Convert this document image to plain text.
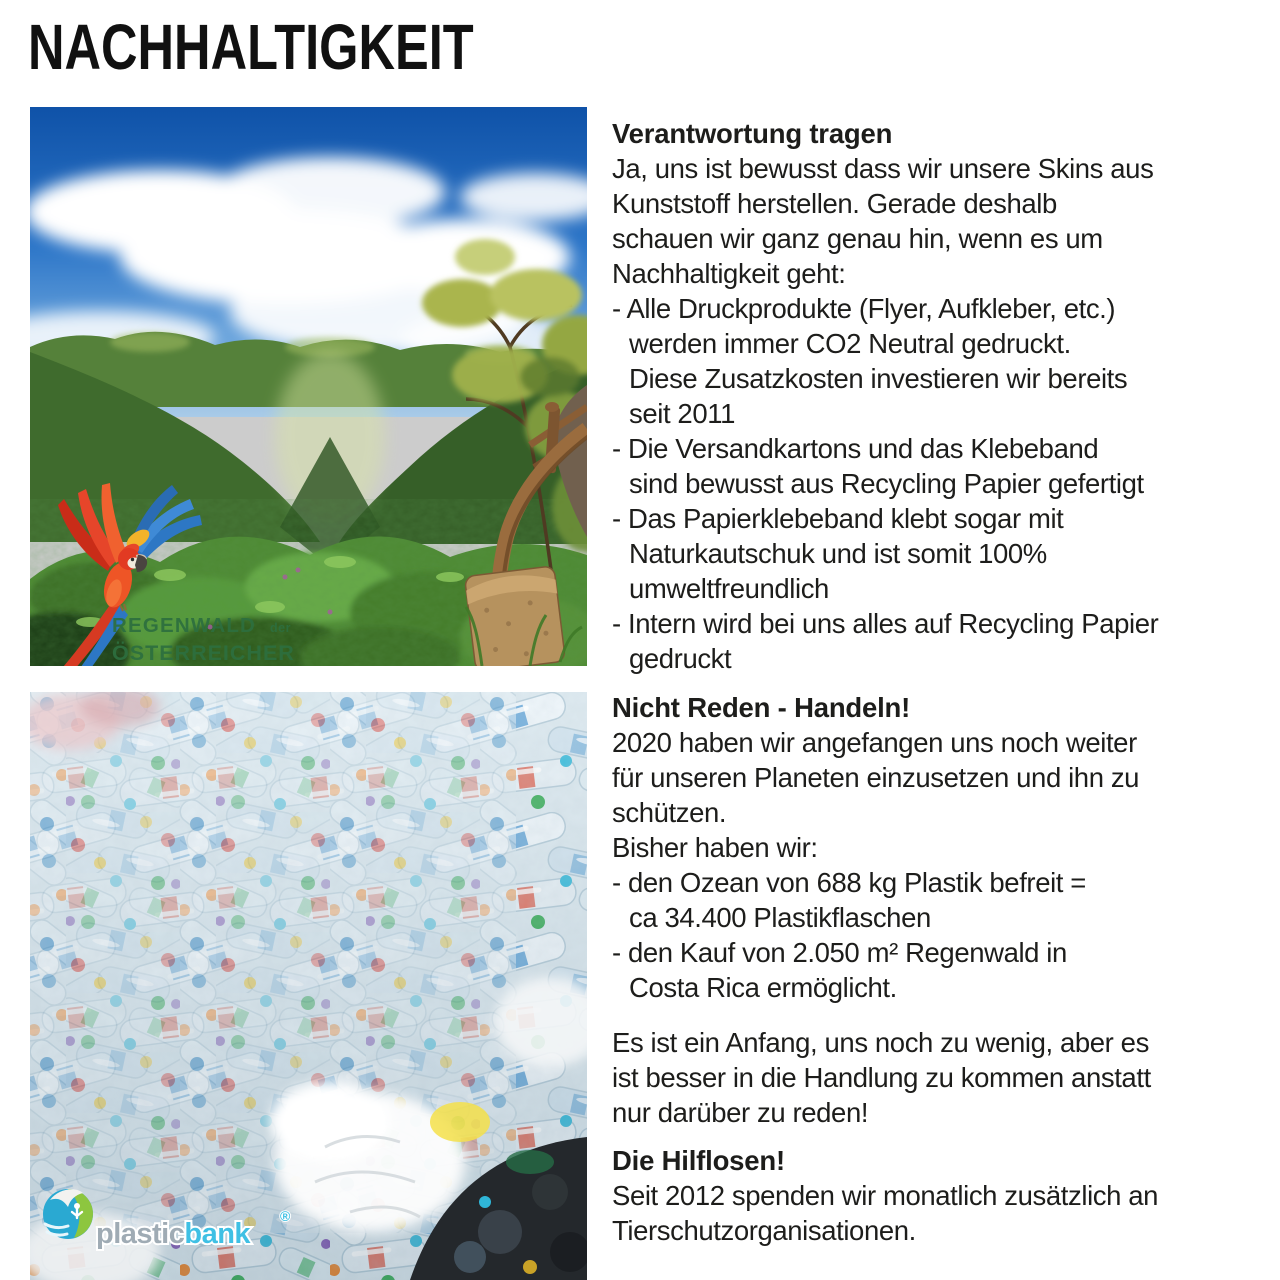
NACHHALTIGKEIT
REGENWALD der
ÖSTERREICHER
plasticbank
®
Verantwortung tragen
Ja, uns ist bewusst dass wir unsere Skins aus
Kunststoff herstellen. Gerade deshalb
schauen wir ganz genau hin, wenn es um
Nachhaltigkeit geht:
- Alle Druckprodukte (Flyer, Aufkleber, etc.)
werden immer CO2 Neutral gedruckt.
Diese Zusatzkosten investieren wir bereits
seit 2011
- Die Versandkartons und das Klebeband
sind bewusst aus Recycling Papier gefertigt
- Das Papierklebeband klebt sogar mit
Naturkautschuk und ist somit 100%
umweltfreundlich
- Intern wird bei uns alles auf Recycling Papier
gedruckt
Nicht Reden - Handeln!
2020 haben wir angefangen uns noch weiter
für unseren Planeten einzusetzen und ihn zu
schützen.
Bisher haben wir:
- den Ozean von 688 kg Plastik befreit =
ca 34.400 Plastikflaschen
- den Kauf von 2.050 m² Regenwald in
Costa Rica ermöglicht.
Es ist ein Anfang, uns noch zu wenig, aber es
ist besser in die Handlung zu kommen anstatt
nur darüber zu reden!
Die Hilflosen!
Seit 2012 spenden wir monatlich zusätzlich an
Tierschutzorganisationen.
